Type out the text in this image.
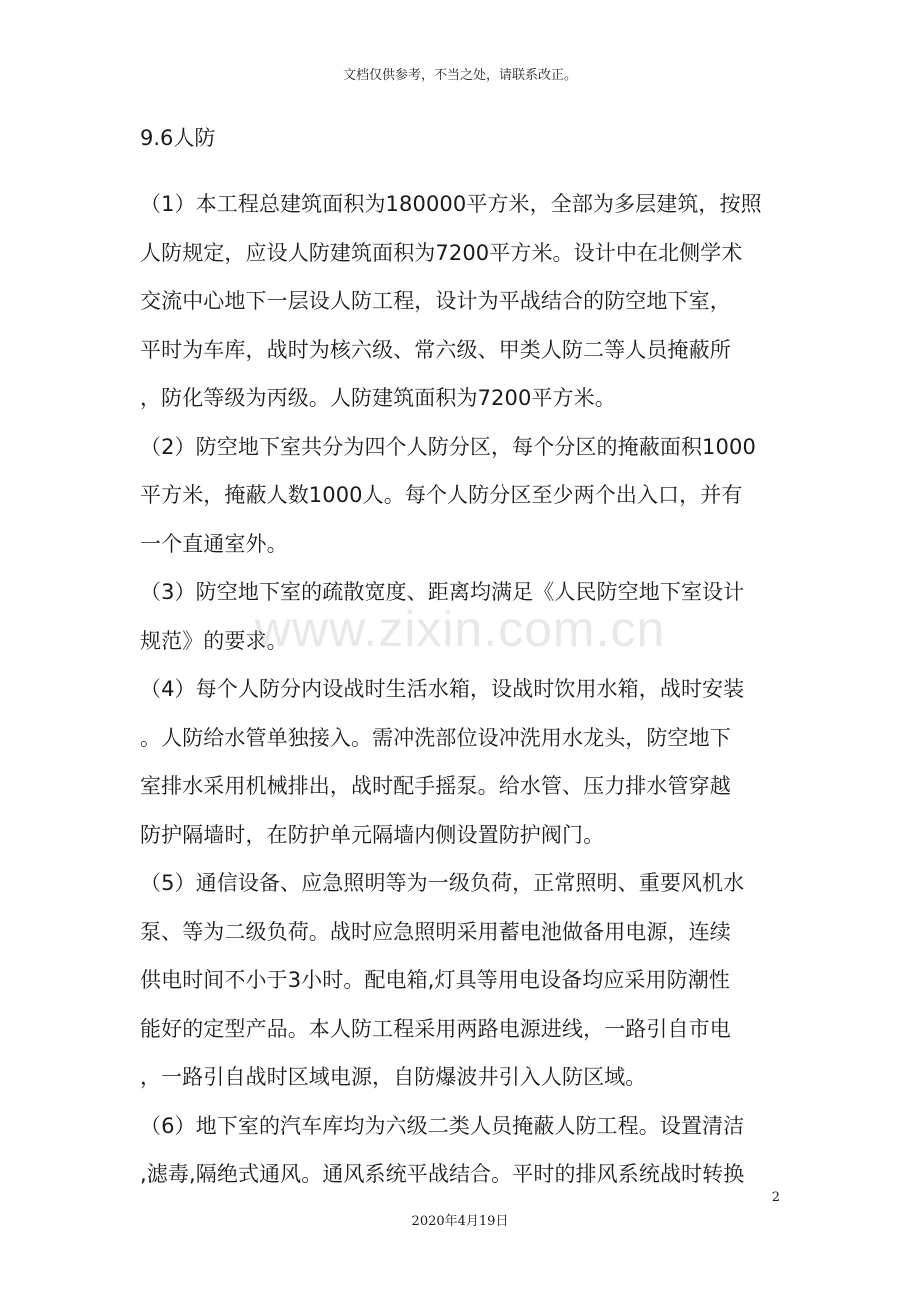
文档仅供参考，不当之处，请联系改正。
9.6人防
（1）本工程总建筑面积为180000平方米，全部为多层建筑，按照
人防规定，应设人防建筑面积为7200平方米。设计中在北侧学术
交流中心地下一层设人防工程，设计为平战结合的防空地下室，
平时为车库，战时为核六级、常六级、甲类人防二等人员掩蔽所
，防化等级为丙级。人防建筑面积为7200平方米。
（2）防空地下室共分为四个人防分区，每个分区的掩蔽面积1000
平方米，掩蔽人数1000人。每个人防分区至少两个出入口，并有
一个直通室外。
（3）防空地下室的疏散宽度、距离均满足《人民防空地下室设计
规范》的要求。
（4）每个人防分内设战时生活水箱，设战时饮用水箱，战时安装
。人防给水管单独接入。需冲洗部位设冲洗用水龙头，防空地下
室排水采用机械排出，战时配手摇泵。给水管、压力排水管穿越
防护隔墙时，在防护单元隔墙内侧设置防护阀门。
（5）通信设备、应急照明等为一级负荷，正常照明、重要风机水
泵、等为二级负荷。战时应急照明采用蓄电池做备用电源，连续
供电时间不小于3小时。配电箱,灯具等用电设备均应采用防潮性
能好的定型产品。本人防工程采用两路电源进线，一路引自市电
，一路引自战时区域电源，自防爆波井引入人防区域。
（6）地下室的汽车库均为六级二类人员掩蔽人防工程。设置清洁
,滤毒,隔绝式通风。通风系统平战结合。平时的排风系统战时转换
www.zixin.com.cn
2
2020年4月19日
